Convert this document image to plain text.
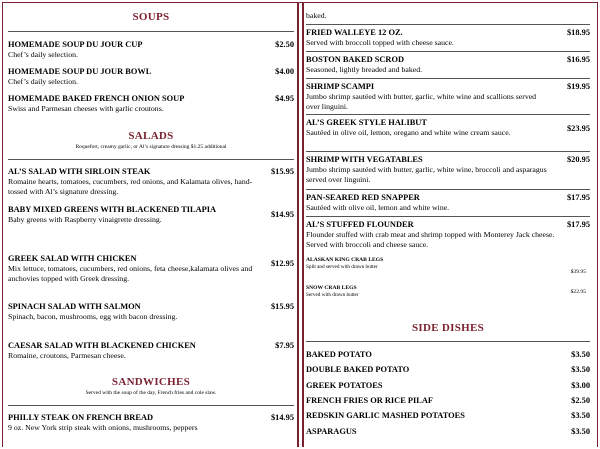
SOUPS
HOMEMADE SOUP DU JOUR CUP
Chef’s daily selection.
$2.50
HOMEMADE SOUP DU JOUR BOWL
Chef’s daily selection.
$4.00
HOMEMADE BAKED FRENCH ONION SOUP
Swiss and Parmesan cheeses with garlic croutons.
$4.95
SALADS
Roquefort, creamy garlic, or Al’s signature dressing $1.25 additional
AL’S SALAD WITH SIRLOIN STEAK
Romaine hearts, tomatoes, cucumbers, red onions, and Kalamata olives, hand-tossed with Al’s signature dressing.
$15.95
BABY MIXED GREENS WITH BLACKENED TILAPIA
Baby greens with Raspberry vinaigrette dressing.
$14.95
GREEK SALAD WITH CHICKEN
Mix lettuce, tomatoes, cucumbers, red onions, feta cheese,kalamata olives and anchovies topped with Greek dressing.
$12.95
SPINACH SALAD WITH SALMON
Spinach, bacon, mushrooms, egg with bacon dressing.
$15.95
CAESAR SALAD WITH BLACKENED CHICKEN
Romaine, croutons, Parmesan cheese.
$7.95
SANDWICHES
Served with the soup of the day, French fries and cole slaw.
PHILLY STEAK ON FRENCH BREAD
9 oz. New York strip steak with onions, mushrooms, peppers
$14.95
baked.
FRIED WALLEYE 12 OZ.
Served with broccoli topped with cheese sauce.
$18.95
BOSTON BAKED SCROD
Seasoned, lightly breaded and baked.
$16.95
SHRIMP SCAMPI
Jumbo shrimp sautéed with butter, garlic, white wine and scallions served over linguini.
$19.95
AL’S GREEK STYLE HALIBUT
Sautéed in olive oil, lemon, oregano and white wine cream sauce.	$23.95
SHRIMP WITH VEGATABLES
Jumbo shrimp sautéed with butter, garlic, white wine, broccoli and asparagus served over linguini.
$20.95
PAN-SEARED RED SNAPPER
Sautéed with olive oil, lemon and white wine.
$17.95
AL’S STUFFED FLOUNDER
Flounder stuffed with crab meat and shrimp topped with Monterey Jack cheese. Served with broccoli and cheese sauce.
$17.95
ALASKAN KING CRAB LEGS
Split and served with drawn butter
$39.95
SNOW CRAB LEGS
Served with drawn butter	$22.95
SIDE DISHES
BAKED POTATO	$3.50
DOUBLE BAKED POTATO	$3.50
GREEK POTATOES	$3.00
FRENCH FRIES OR RICE PILAF	$2.50
REDSKIN GARLIC MASHED POTATOES	$3.50
ASPARAGUS	$3.50
